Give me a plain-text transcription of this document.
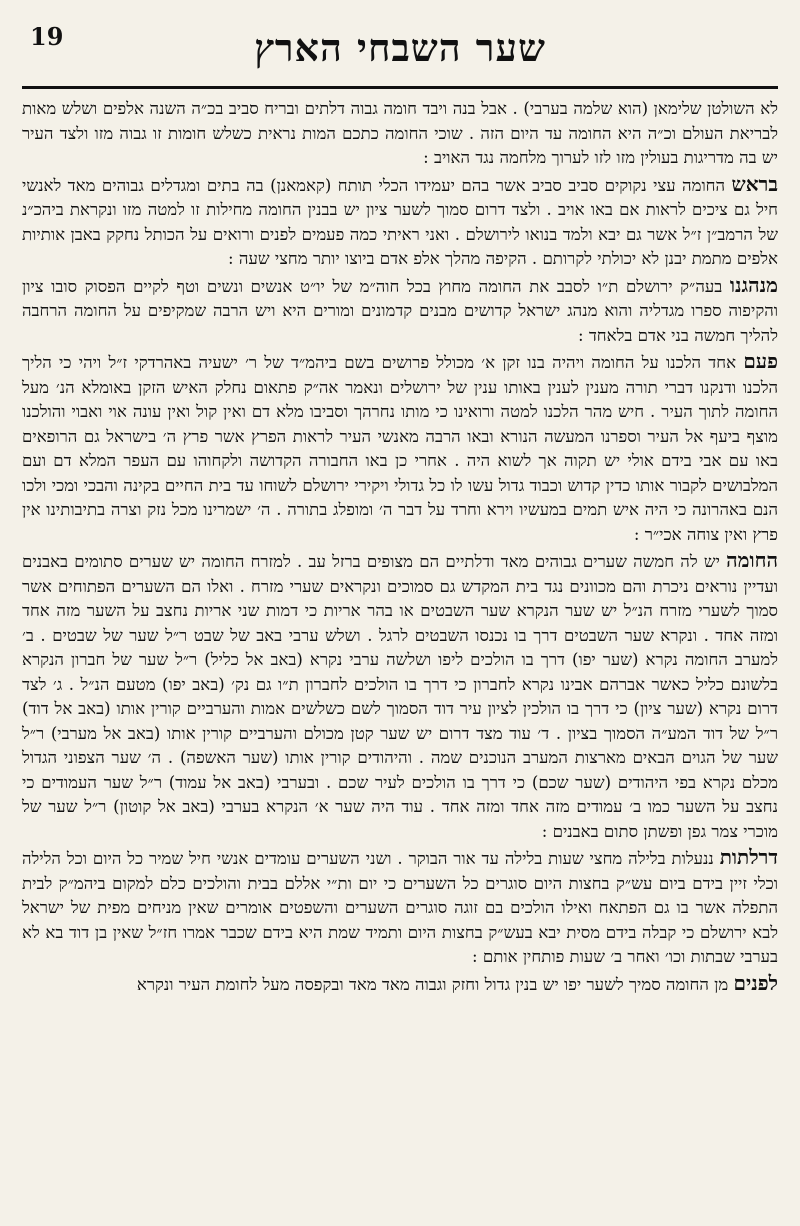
19	שער השבחי הארץ

לא השולטן שלימאן (הוא שלמה בערבי) . אבל בנה ויבד חומה גבוה דלתים ובריח סביב בכ״ה השנה אלפים ושלש מאות לבריאת העולם וכ״ה היא החומה עד היום הזה . שוכי החומה כתכם המות נראית כשלש חומות זו גבוה מזו ולצד העיר יש בה מדריגות בעולין מזו לזו לערוך מלחמה נגד האויב :

בראש החומה עצי נקוקים סביב סביב אשר בהם יעמידו הכלי תותח (קאמאנן) בה בתים ומגדלים גבוהים מאד לאנשי חיל גם ציכים לראות אם באו אויב . ולצד דרום סמוך לשער ציון יש בבנין החומה מחילות זו למטה מזו ונקראת ביהכ״נ של הרמב״ן ז״ל אשר גם יבא ולמד בנואו לירושלם . ואני ראיתי כמה פעמים לפנים ורואים על הכותל נחקק באבן אותיות אלפים מתמת יבנן לא יכולתי לקרותם . הקיפה מהלך אלפ אדם ביוצו יותר מחצי שעה :

מנהגנו בעה״ק ירושלם ת״ו לסבב את החומה מחוץ בכל חוה״מ של יו״ט אנשים ונשים וטף לקיים הפסוק סובו ציון והקיפוה ספרו מגדליה והוא מנהג ישראל קדושים מבנים קדמונים ומורים היא ויש הרבה שמקיפים על החומה הרחבה להליך חמשה בני אדם בלאחד :

פעם אחד הלכנו על החומה ויהיה בנו זקן א׳ מכולל פרושים בשם ביהמ״ד של ר׳ ישעיה באהרדקי ז״ל ויהי כי הליך הלכנו ודנקנו דברי תורה מענין לענין באותו ענין של ירושלים ונאמר אה״ק פתאום נחלק האיש הזקן באומלא הנ׳ מעל החומה לתוך העיר . חיש מהר הלכנו למטה ורואינו כי מותו נחרהך וסביבו מלא דם ואין קול ואין עונה אוי ואבוי והולכנו מוצף ביעף אל העיר וספרנו המעשה הנורא ובאו הרבה מאנשי העיר לראות הפרץ אשר פרץ ה׳ בישראל גם הרופאים באו עם אבי בידם אולי יש תקוה אך לשוא היה . אחרי כן באו החבורה הקדושה ולקחוהו עם העפר המלא דם ועם המלבושים לקבור אותו כדין קדוש וכבוד גדול עשו לו כל גדולי ויקירי ירושלם לשוחו עד בית החיים בקינה והבכי ומכי ולכו הנם באהרונה כי היה איש תמים במעשיו וירא וחרד על דבר ה׳ ומופלג בתורה . ה׳ ישמרינו מכל נזק וצרה בתיבותינו אין פרץ ואין צוחה אכי״ר :

החומה יש לה חמשה שערים גבוהים מאד ודלתיים הם מצופים ברזל עב . למזרח החומה יש שערים סתומים באבנים ועדיין נוראים ניכרת והם מכוונים נגד בית המקדש גם סמוכים ונקראים שערי מזרח . ואלו הם השערים הפתוחים אשר סמוך לשערי מזרח הנ״ל יש שער הנקרא שער השבטים או בהר אריות כי דמות שני אריות נחצב על השער מזה אחד ומזה אחד . ונקרא שער השבטים דרך בו נכנסו השבטים לרגל . ושלש ערבי באב של שבט ר״ל שער של שבטים . ב׳ למערב החומה נקרא (שער יפו) דרך בו הולכים ליפו ושלשה ערבי נקרא (באב אל כליל) ר״ל שער של חברון הנקרא בלשונם כליל כאשר אברהם אבינו נקרא לחברון כי דרך בו הולכים לחברון ת״ו גם נק׳ (באב יפו) מטעם הנ״ל . ג׳ לצד דרום נקרא (שער ציון) כי דרך בו הולכין לציון עיר דוד הסמוך לשם כשלשים אמות והערביים קורין אותו (באב אל דוד) ר״ל של דוד המע״ה הסמוך בציון . ד׳ עוד מצד דרום יש שער קטן מכולם והערביים קורין אותו (באב אל מערבי) ר״ל שער של הגוים הבאים מארצות המערב הנוכנים שמה . והיהודים קורין אותו (שער האשפה) . ה׳ שער הצפוני הגדול מכלם נקרא בפי היהודים (שער שכם) כי דרך בו הולכים לעיר שכם . ובערבי (באב אל עמוד) ר״ל שער העמודים כי נחצב על השער כמו ב׳ עמודים מזה אחד ומזה אחד . עוד היה שער א׳ הנקרא בערבי (באב אל קוטון) ר״ל שער של מוכרי צמר גפן ופשתן סתום באבנים :

דרלתות ננעלות בלילה מחצי שעות בלילה עד אור הבוקר . ושני השערים עומדים אנשי חיל שמיר כל היום וכל הלילה וכלי זיין בידם ביום עש״ק בחצות היום סוגרים כל השערים כי יום ות״י אללם בבית והולכים כלם למקום ביהמ״ק לבית התפלה אשר בו גם הפתאח ואילו הולכים בם זוגה סוגרים השערים והשפטים אומרים שאין מניחים מפית של ישראל לבא ירושלם כי קבלה בידם מסית יבא בעש״ק בחצות היום ותמיד שמת היא בידם שכבר אמרו חז״ל שאין בן דוד בא לא בערבי שבתות וכו׳ ואחר ב׳ שעות פותחין אותם :

לפנים מן החומה סמיך לשער יפו יש בנין גדול וחזק וגבוה מאד מאד ובקפסה מעל לחומת העיר ונקרא
